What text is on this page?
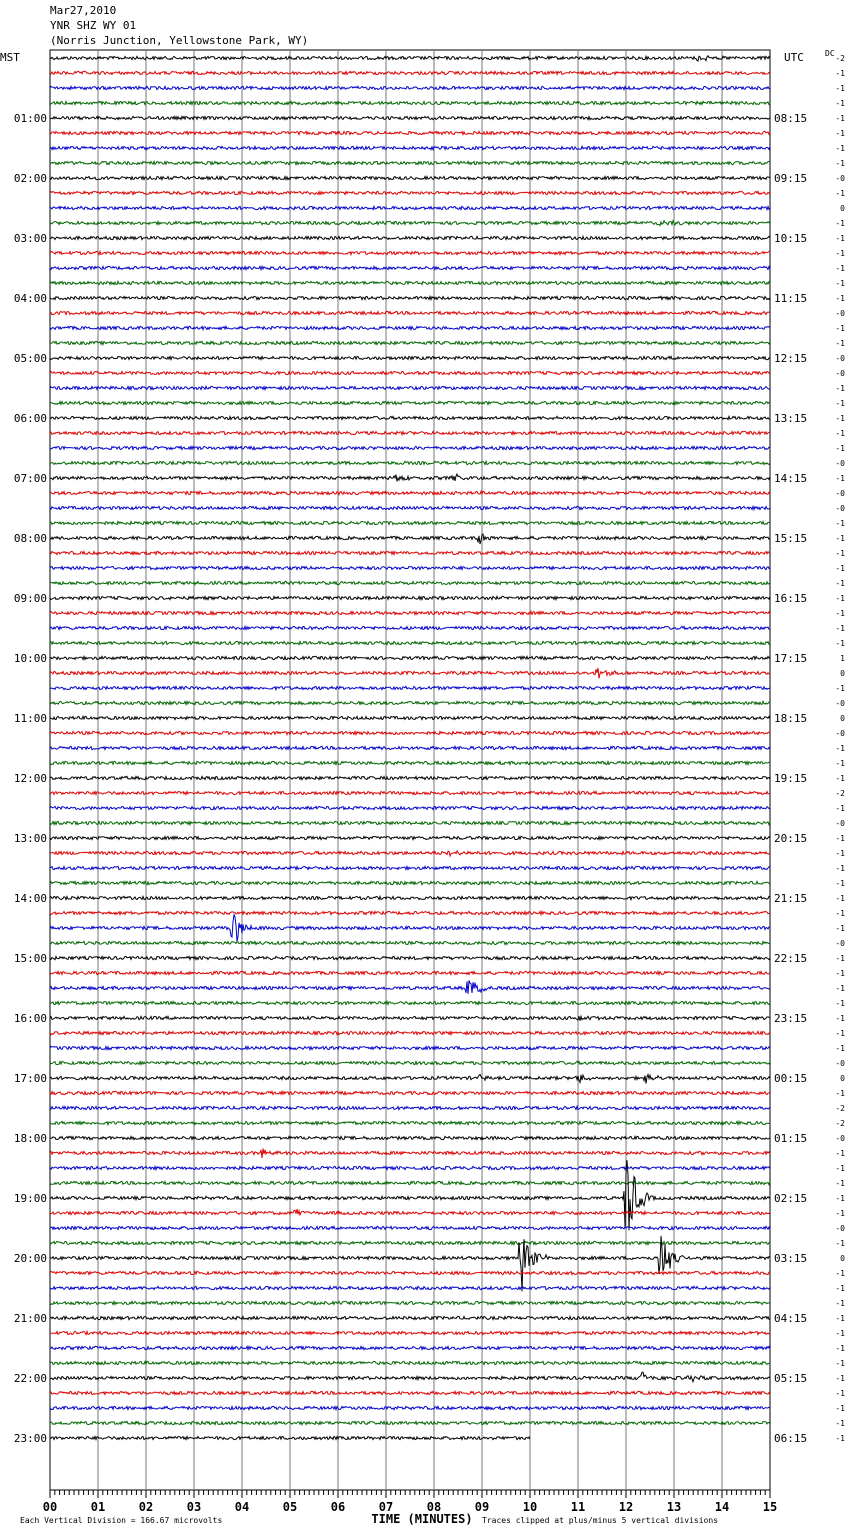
Mar27,2010
YNR SHZ WY 01
(Norris Junction, Yellowstone Park, WY)
MST	UTC	DC
01:00
02:00
03:00
04:00
05:00
06:00
07:00
08:00
09:00
10:00
11:00
12:00
13:00
14:00
15:00
16:00
17:00
18:00
19:00
20:00
21:00
22:00
23:00
08:15
09:15
10:15
11:15
12:15
13:15
14:15
15:15
16:15
17:15
18:15
19:15
20:15
21:15
22:15
23:15
00:15
01:15
02:15
03:15
04:15
05:15
06:15
-2
-1
-1
-1
-1
-1
-1
-1
-0
-1
0
-1
-1
-1
-1
-1
-1
-0
-1
-1
-0
-0
-1
-1
-1
-1
-1
-0
-1
-0
-0
-1
-1
-1
-1
-1
-1
-1
-1
-1
1
0
-1
-0
0
-0
-1
-1
-1
-2
-1
-0
-1
-1
-1
-1
-1
-1
-1
-0
-1
-1
-1
-1
-1
-1
-1
-0
0
-1
-2
-2
-0
-1
-1
-1
-1
-1
-0
-1
0
-1
-1
-1
-1
-1
-1
-1
-1
-1
-1
-1
-1
00	01	02	03	04	05	06	07	08	09	10	11	12	13	14	15
TIME (MINUTES)
Each Vertical Division = 166.67 microvolts	Traces clipped at plus/minus 5 vertical divisions
